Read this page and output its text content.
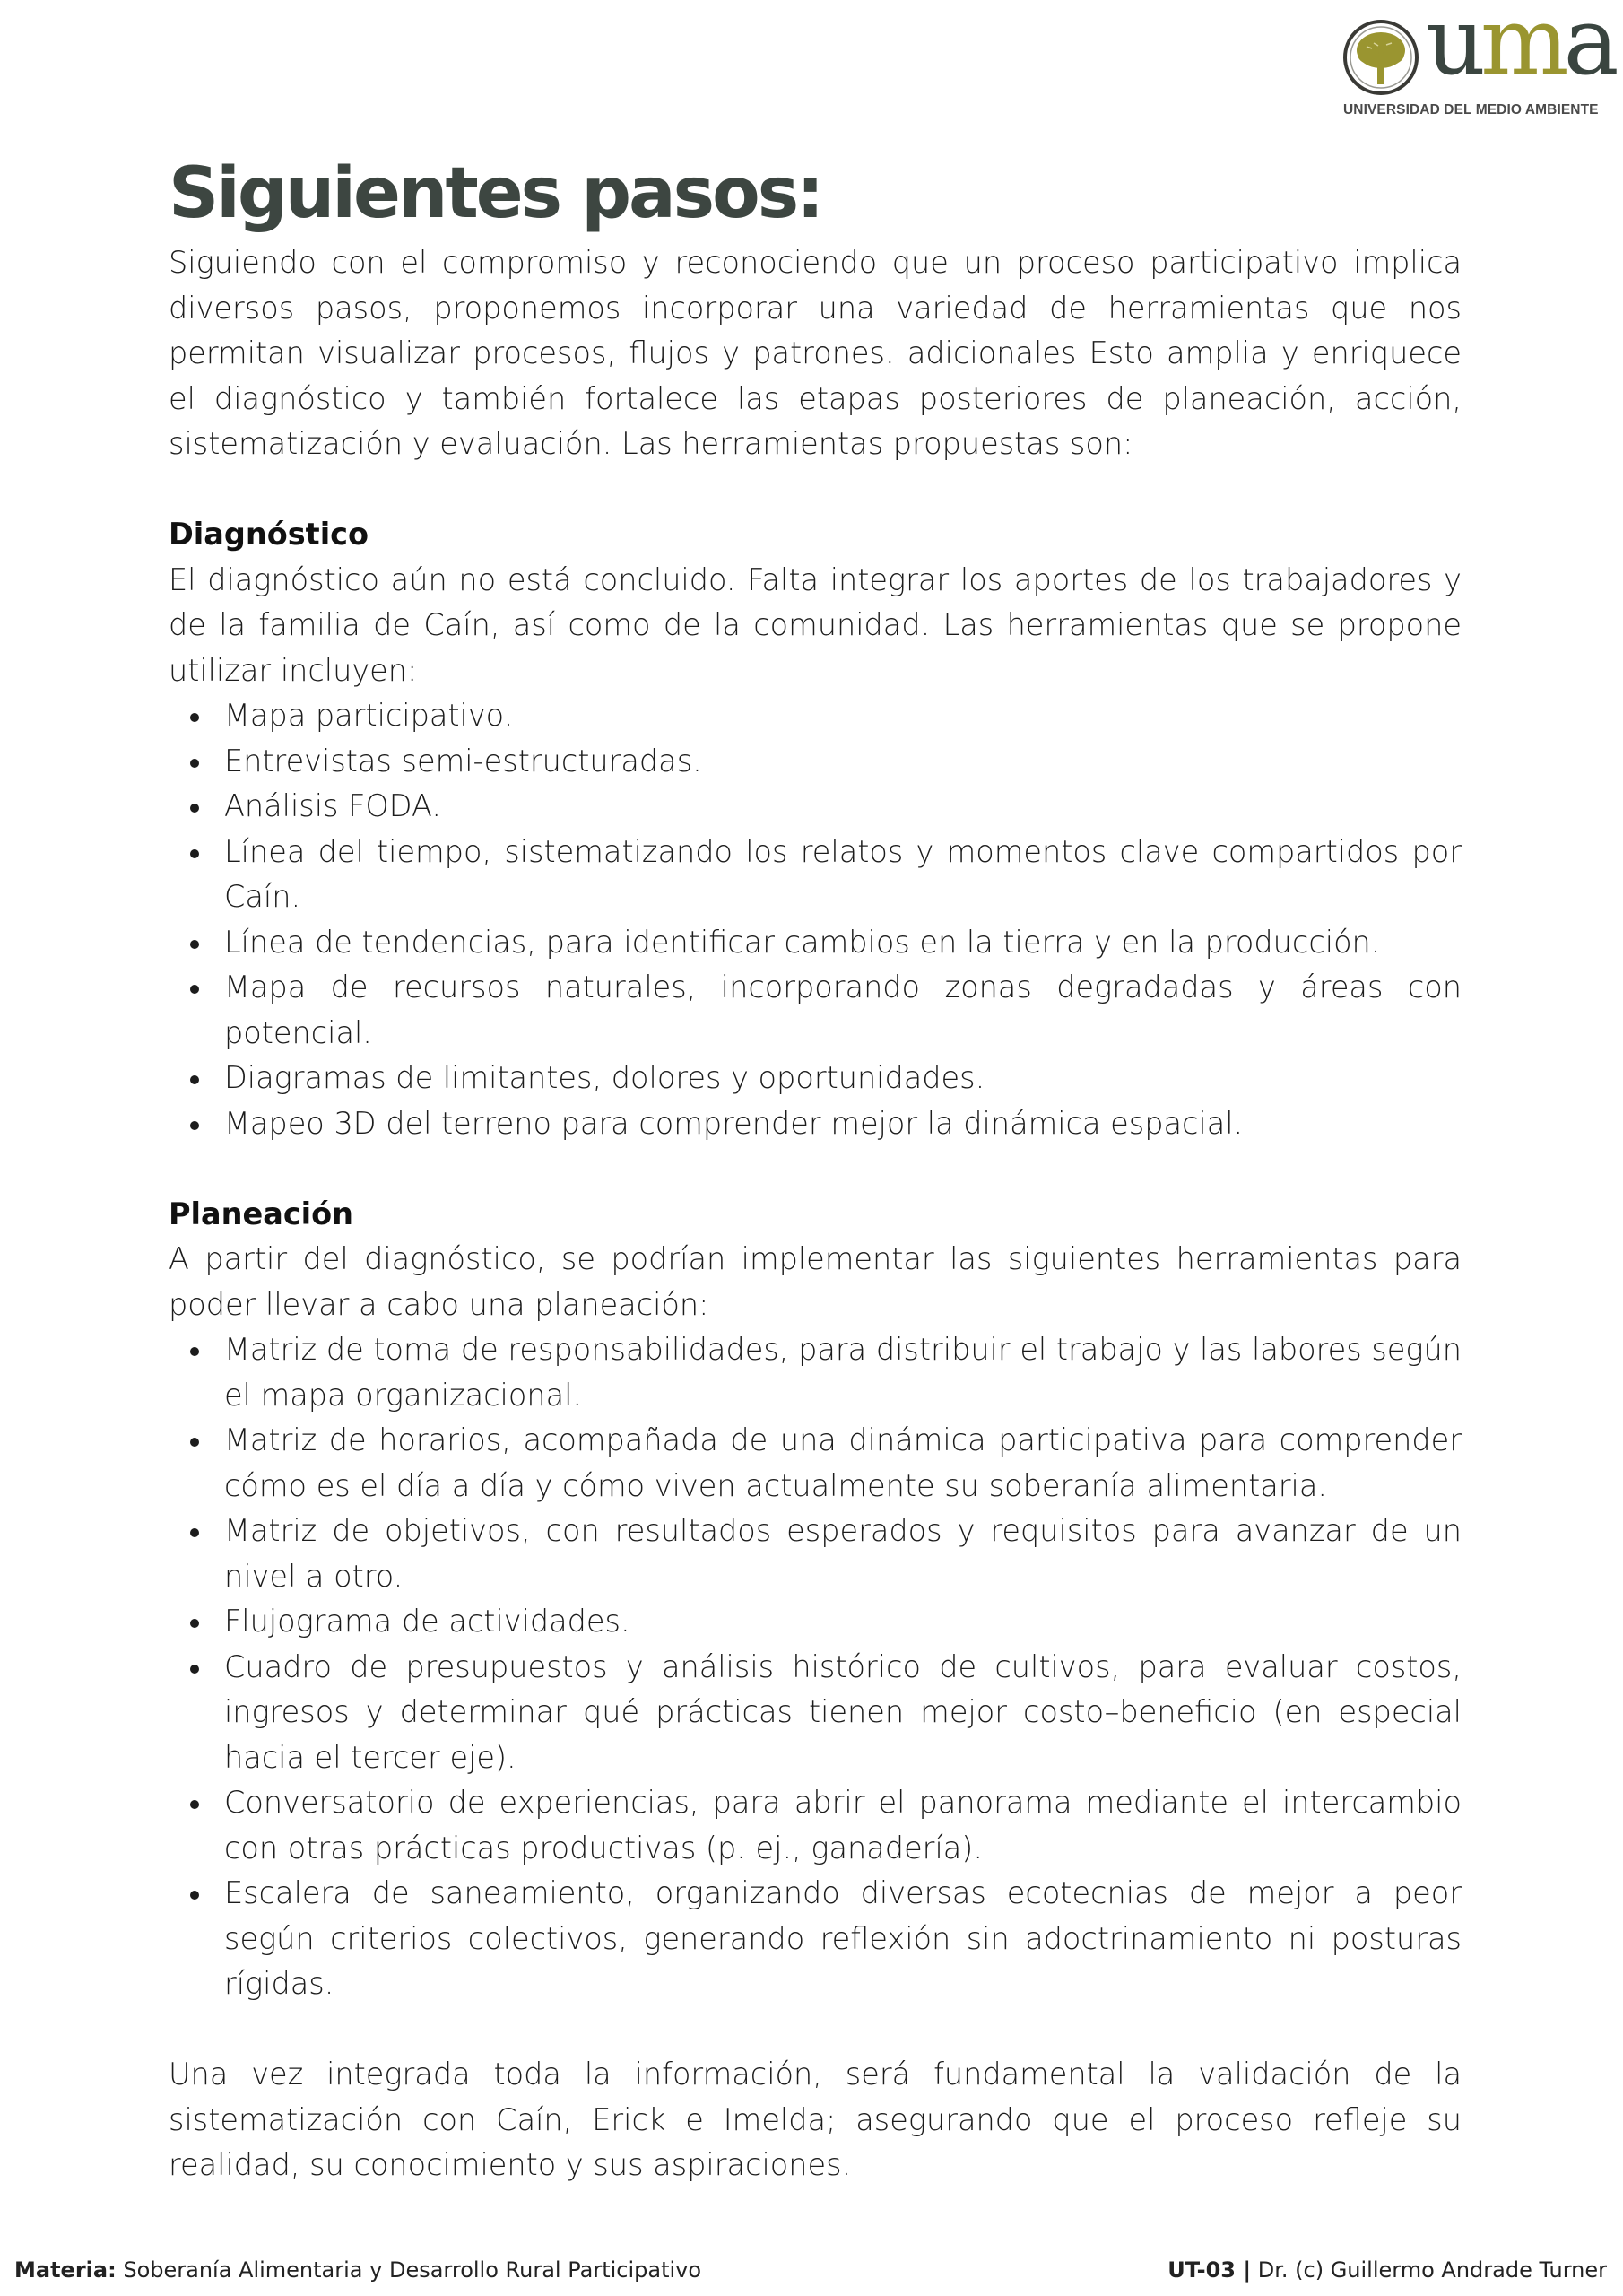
uma
UNIVERSIDAD DEL MEDIO AMBIENTE
Siguientes pasos:

Siguiendo con el compromiso y reconociendo que un proceso participativo implica diversos pasos, proponemos incorporar una variedad de herramientas que nos permitan visualizar procesos, flujos y patrones. adicionales Esto amplia y enriquece el diagnóstico y también fortalece las etapas posteriores de planeación, acción, sistematización y evaluación. Las herramientas propuestas son:

Diagnóstico

El diagnóstico aún no está concluido. Falta integrar los aportes de los trabajadores y de la familia de Caín, así como de la comunidad. Las herramientas que se propone utilizar incluyen:

Mapa participativo.
Entrevistas semi-estructuradas.
Análisis FODA.
Línea del tiempo, sistematizando los relatos y momentos clave compartidos por Caín.
Línea de tendencias, para identificar cambios en la tierra y en la producción.
Mapa de recursos naturales, incorporando zonas degradadas y áreas con potencial.
Diagramas de limitantes, dolores y oportunidades.
Mapeo 3D del terreno para comprender mejor la dinámica espacial.
Planeación

A partir del diagnóstico, se podrían implementar las siguientes herramientas para poder llevar a cabo una planeación:

Matriz de toma de responsabilidades, para distribuir el trabajo y las labores según el mapa organizacional.
Matriz de horarios, acompañada de una dinámica participativa para comprender cómo es el día a día y cómo viven actualmente su soberanía alimentaria.
Matriz de objetivos, con resultados esperados y requisitos para avanzar de un nivel a otro.
Flujograma de actividades.
Cuadro de presupuestos y análisis histórico de cultivos, para evaluar costos, ingresos y determinar qué prácticas tienen mejor costo–beneficio (en especial hacia el tercer eje).
Conversatorio de experiencias, para abrir el panorama mediante el intercambio con otras prácticas productivas (p. ej., ganadería).
Escalera de saneamiento, organizando diversas ecotecnias de mejor a peor según criterios colectivos, generando reflexión sin adoctrinamiento ni posturas rígidas.

Una vez integrada toda la información, será fundamental la validación de la sistematización con Caín, Erick e Imelda; asegurando que el proceso refleje su realidad, su conocimiento y sus aspiraciones.

Materia: Soberanía Alimentaria y Desarrollo Rural Participativo	UT-03 | Dr. (c) Guillermo Andrade Turner
